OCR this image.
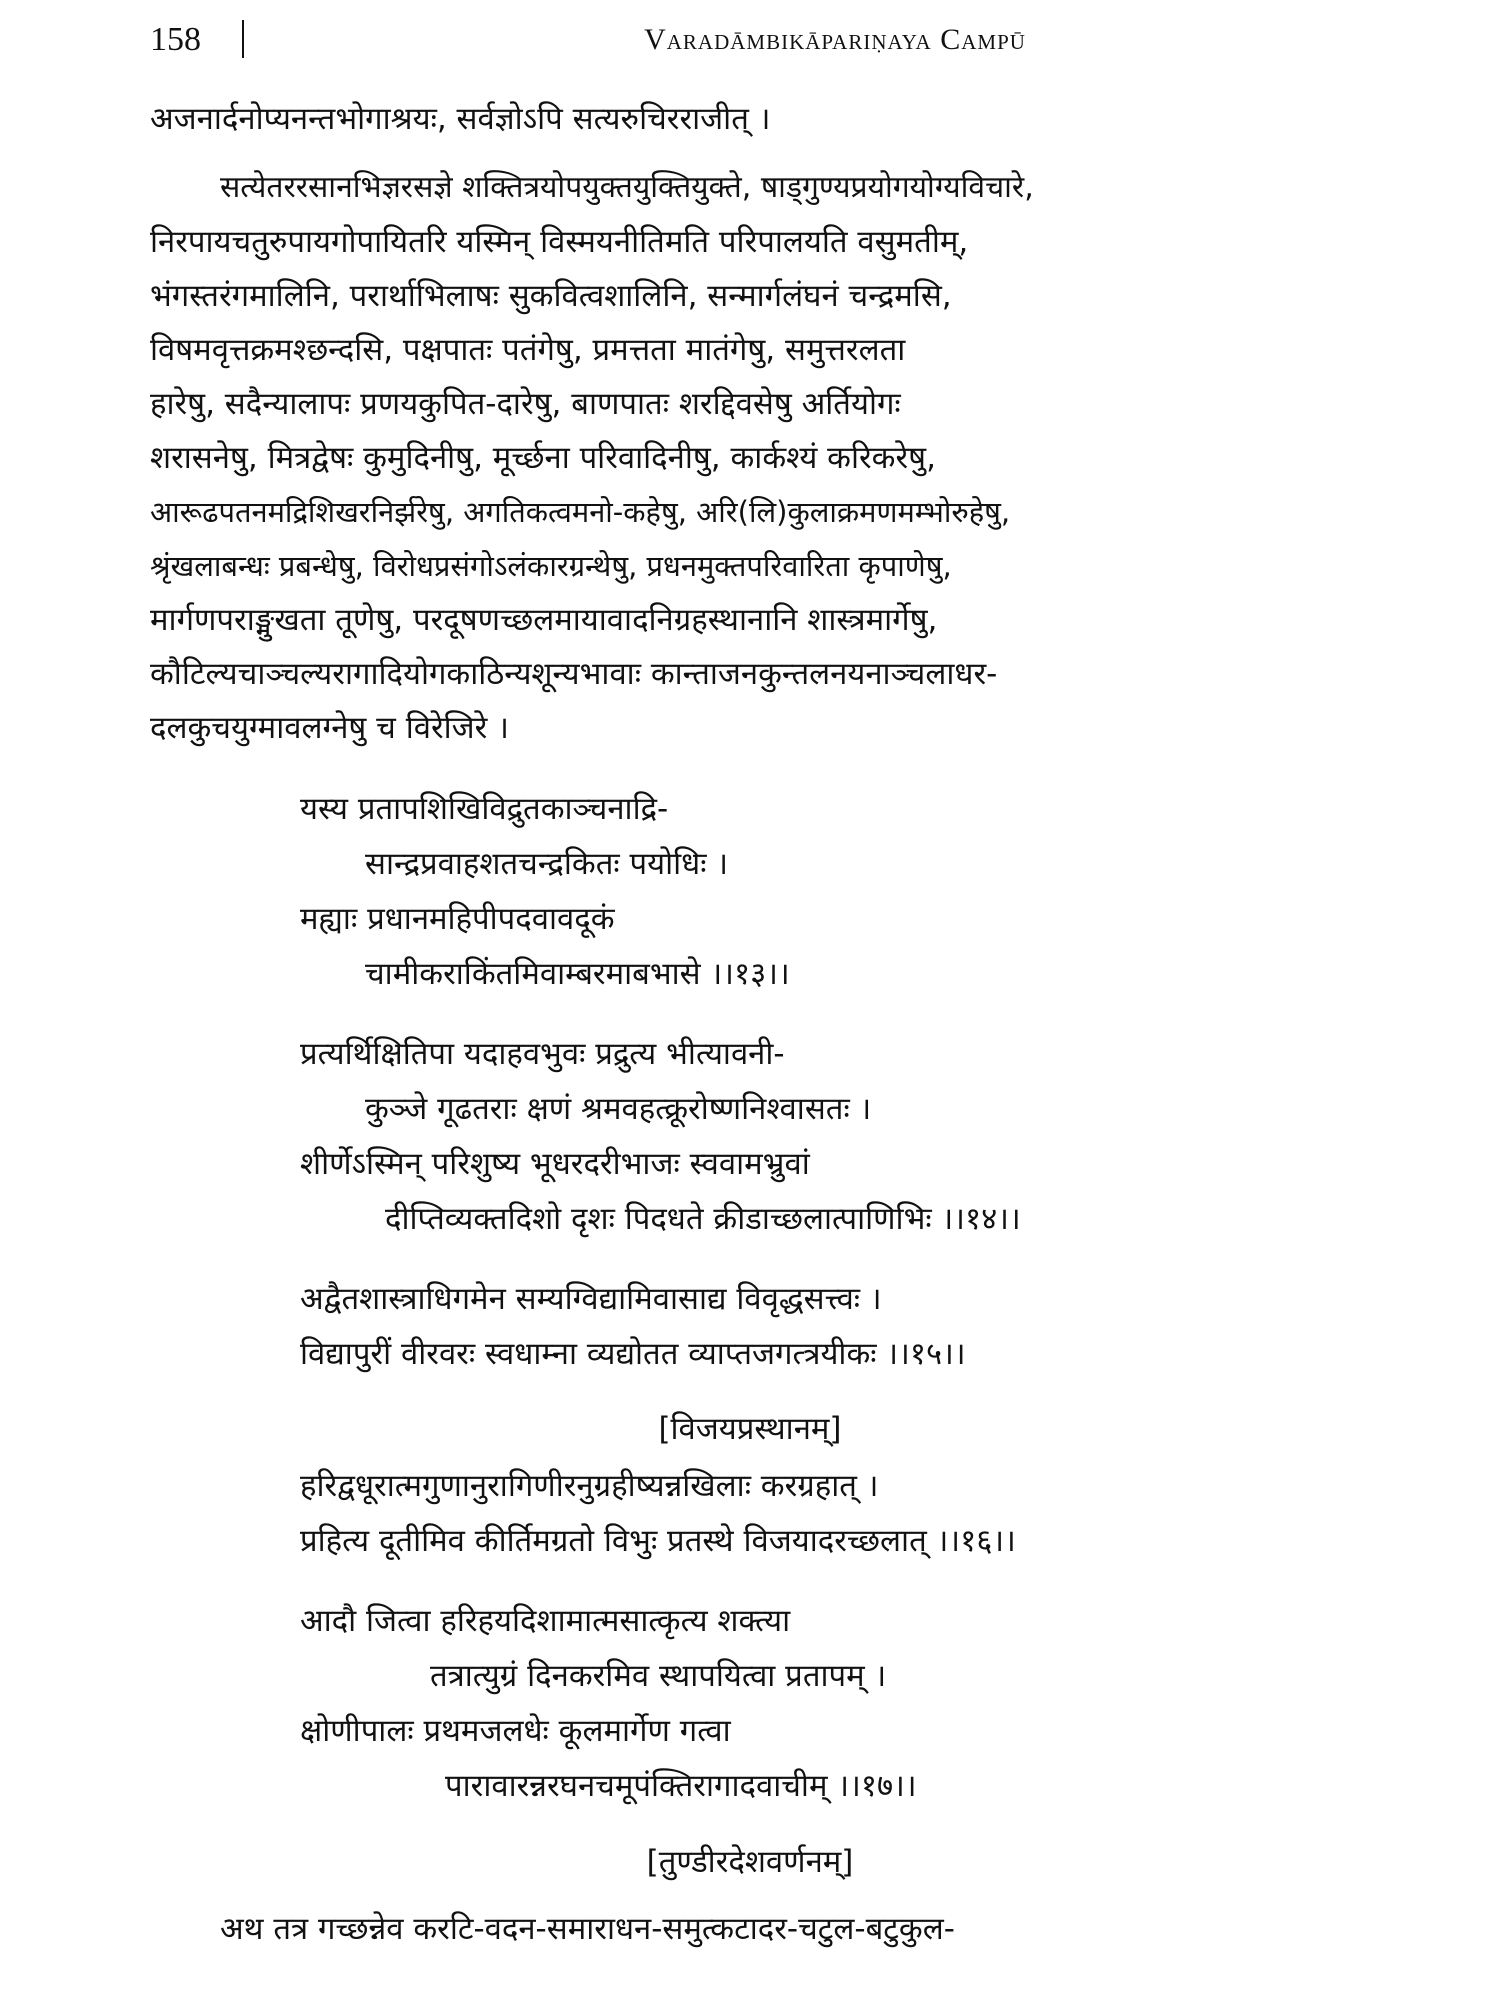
158	Varadāmbikāpariṇaya Campū
अजनार्दनोप्यनन्तभोगाश्रयः, सर्वज्ञोऽपि सत्यरुचिरराजीत् ।
सत्येतररसानभिज्ञरसज्ञे शक्तित्रयोपयुक्तयुक्तियुक्ते, षाड्गुण्यप्रयोगयोग्यविचारे,
निरपायचतुरुपायगोपायितरि यस्मिन् विस्मयनीतिमति परिपालयति वसुमतीम्,
भंगस्तरंगमालिनि, परार्थाभिलाषः सुकवित्वशालिनि, सन्मार्गलंघनं चन्द्रमसि,
विषमवृत्तक्रमश्छन्दसि, पक्षपातः पतंगेषु, प्रमत्तता मातंगेषु, समुत्तरलता
हारेषु, सदैन्यालापः प्रणयकुपित-दारेषु, बाणपातः शरद्दिवसेषु अर्तियोगः
शरासनेषु, मित्रद्वेषः कुमुदिनीषु, मूर्च्छना परिवादिनीषु, कार्कश्यं करिकरेषु,
आरूढपतनमद्रिशिखरनिर्झरेषु, अगतिकत्वमनो-कहेषु, अरि(लि)कुलाक्रमणमम्भोरुहेषु,
श्रृंखलाबन्धः प्रबन्धेषु, विरोधप्रसंगोऽलंकारग्रन्थेषु, प्रधनमुक्तपरिवारिता कृपाणेषु,
मार्गणपराङ्मुखता तूणेषु, परदूषणच्छलमायावादनिग्रहस्थानानि शास्त्रमार्गेषु,
कौटिल्यचाञ्चल्यरागादियोगकाठिन्यशून्यभावाः कान्ताजनकुन्तलनयनाञ्चलाधर-
दलकुचयुग्मावलग्नेषु च विरेजिरे ।
यस्य प्रतापशिखिविद्रुतकाञ्चनाद्रि-
सान्द्रप्रवाहशतचन्द्रकितः पयोधिः ।
मह्याः प्रधानमहिपीपदवावदूकं
चामीकराकिंतमिवाम्बरमाबभासे ।।१३।।
प्रत्यर्थिक्षितिपा यदाहवभुवः प्रद्रुत्य भीत्यावनी-
कुञ्जे गूढतराः क्षणं श्रमवहत्क्रूरोष्णनिश्वासतः ।
शीर्णेऽस्मिन् परिशुष्य भूधरदरीभाजः स्ववामभ्रुवां
दीप्तिव्यक्तदिशो दृशः पिदधते क्रीडाच्छलात्पाणिभिः ।।१४।।
अद्वैतशास्त्राधिगमेन सम्यग्विद्यामिवासाद्य विवृद्धसत्त्वः ।
विद्यापुरीं वीरवरः स्वधाम्ना व्यद्योतत व्याप्तजगत्त्रयीकः ।।१५।।
[विजयप्रस्थानम्]
हरिद्वधूरात्मगुणानुरागिणीरनुग्रहीष्यन्नखिलाः करग्रहात् ।
प्रहित्य दूतीमिव कीर्तिमग्रतो विभुः प्रतस्थे विजयादरच्छलात् ।।१६।।
आदौ जित्वा हरिहयदिशामात्मसात्कृत्य शक्त्या
तत्रात्युग्रं दिनकरमिव स्थापयित्वा प्रतापम् ।
क्षोणीपालः प्रथमजलधेः कूलमार्गेण गत्वा
पारावारन्नरघनचमूपंक्तिरागादवाचीम् ।।१७।।
[तुण्डीरदेशवर्णनम्]
अथ तत्र गच्छन्नेव करटि-वदन-समाराधन-समुत्कटादर-चटुल-बटुकुल-
